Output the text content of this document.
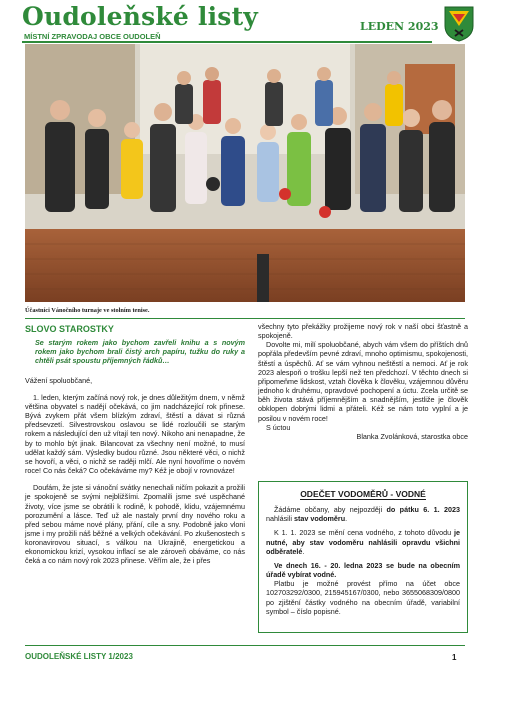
Oudoleňské listy
MÍSTNÍ ZPRAVODAJ OBCE OUDOLEŇ
LEDEN 2023
Účastníci Vánočního turnaje ve stolním tenise.
SLOVO STAROSTKY

Se starým rokem jako bychom zavřeli knihu a s novým rokem jako bychom brali čistý arch papíru, tužku do ruky a chtěli psát spoustu příjemných řádků…

Vážení spoluobčané,

1. leden, kterým začíná nový rok, je dnes důležitým dnem, v němž většina obyvatel s nadějí očekává, co jim nadcházející rok přinese. Bývá zvykem přát všem blízkým zdraví, štěstí a dávat si různá předsevzetí. Silvestrovskou oslavou se lidé rozloučili se starým rokem a následující den už vítají ten nový. Nikoho ani nenapadne, že by to mohlo být jinak. Bilancovat za všechny není možné, to musí udělat každý sám. Výsledky budou různé. Jsou některé věci, o nichž se hovoří, a věci, o nichž se raději mlčí. Ale nyní hovoříme o novém roce! Co nás čeká? Co očekáváme my? Kéž je obojí v rovnováze!

Doufám, že jste si vánoční svátky nenechali ničím pokazit a prožili je spokojeně se svými nejbližšími. Zpomalili jsme své uspěchané životy, více jsme se obrátili k rodině, k pohodě, klidu, vzájemnému porozumění a lásce. Teď už ale nastaly první dny nového roku a před sebou máme nové plány, přání, cíle a sny. Podobně jako vloni jsme i my prožili náš běžné a velkých očekávání. Po zkušenostech s koronavirovou situací, s válkou na Ukrajině, energetickou a ekonomickou krizí, vysokou inflací se ale zároveň obáváme, co nás čeká a co nám nový rok 2023 přinese. Věřím ale, že i přes

všechny tyto překážky prožijeme nový rok v naší obci šťastně a spokojeně.

Dovolte mi, milí spoluobčané, abych vám všem do příštích dnů popřála především pevné zdraví, mnoho optimismu, spokojenosti, štěstí a úspěchů. Ať se vám vyhnou neštěstí a nemoci. Ať je rok 2023 alespoň o trošku lepší než ten předchozí. V těchto dnech si připomeňme lidskost, vztah člověka k člověku, vzájemnou důvěru jednoho k druhému, opravdové pochopení a úctu. Zcela určitě se běh života stává příjemnějším a snadnějším, jestliže je člověk obklopen dobrými lidmi a přáteli. Kéž se nám toto vyplní a je posilou v novém roce!

S úctou

Blanka Zvolánková, starostka obce

ODEČET VODOMĚRŮ - VODNÉ

Žádáme občany, aby nejpozději do pátku 6. 1. 2023 nahlásili stav vodoměru.

K 1. 1. 2023 se mění cena vodného, z tohoto důvodu je nutné, aby stav vodoměru nahlásili opravdu všichni odběratelé.

Ve dnech 16. - 20. ledna 2023 se bude na obecním úřadě vybírat vodné.

Platbu je možné provést přímo na účet obce 102703292/0300, 215945167/0300, nebo 3655068309/0800 po zjištění částky vodného na obecním úřadě, variabilní symbol – číslo popisné.

OUDOLEŇSKÉ LISTY 1/2023	1
